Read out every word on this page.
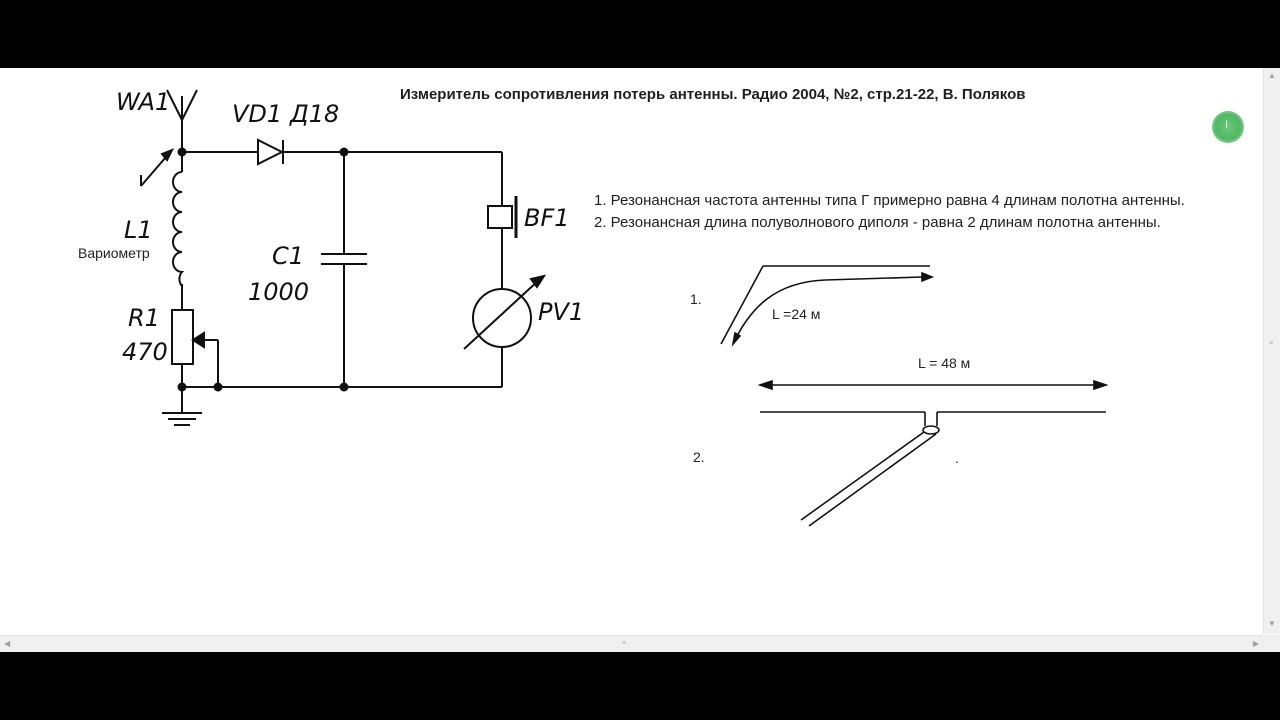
Измеритель сопротивления потерь антенны. Радио 2004, №2, стр.21-22, В. Поляков
WA1	VD1 Д18
L1
Вариометр	C1
1000
R1
470
BF1
PV1
1. Резонансная частота антенны типа Г примерно равна 4 длинам полотна антенны.
2. Резонансная длина полуволнового диполя - равна 2 длинам полотна антенны.
1.
L =24 м
L = 48 м
2.	.
▲
≡
▼
◀	≡	▶
I
